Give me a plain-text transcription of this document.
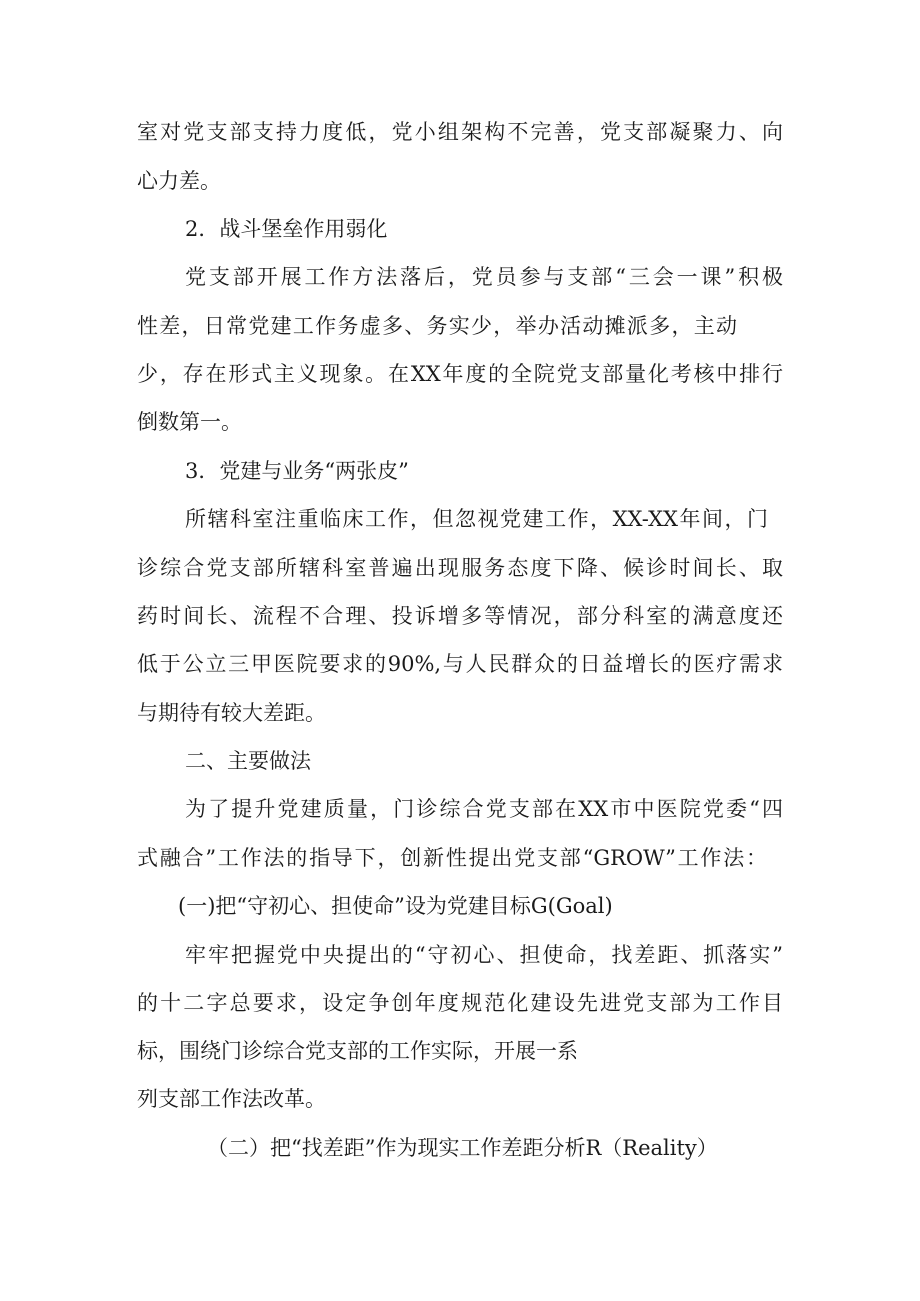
室对党支部支持力度低，党小组架构不完善，党支部凝聚力、向
心力差。
2．战斗堡垒作用弱化
党支部开展工作方法落后，党员参与支部“三会一课”积极
性差，日常党建工作务虚多、务实少，举办活动摊派多，主动
少，存在形式主义现象。在XX年度的全院党支部量化考核中排行
倒数第一。
3．党建与业务“两张皮”
所辖科室注重临床工作，但忽视党建工作，XX-XX年间，门
诊综合党支部所辖科室普遍出现服务态度下降、候诊时间长、取
药时间长、流程不合理、投诉增多等情况，部分科室的满意度还
低于公立三甲医院要求的90%,与人民群众的日益增长的医疗需求
与期待有较大差距。
二、主要做法
为了提升党建质量，门诊综合党支部在XX市中医院党委“四
式融合”工作法的指导下，创新性提出党支部“GROW”工作法：
(一)把“守初心、担使命”设为党建目标G(Goal)
牢牢把握党中央提出的“守初心、担使命，找差距、抓落实”
的十二字总要求，设定争创年度规范化建设先进党支部为工作目
标，围绕门诊综合党支部的工作实际，开展一系
列支部工作法改革。
（二）把“找差距”作为现实工作差距分析R（Reality）
